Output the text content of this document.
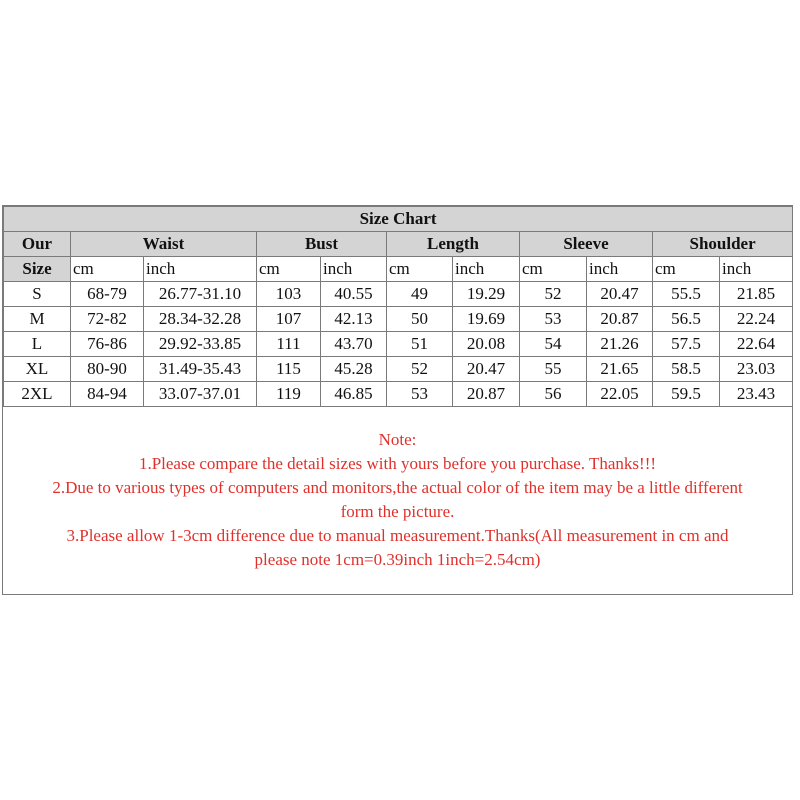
Size Chart										
Our	Waist		Bust		Length		Sleeve		Shoulder	
Size	cm	inch	cm	inch	cm	inch	cm	inch	cm	inch
S	68-79	26.77-31.10	103	40.55	49	19.29	52	20.47	55.5	21.85
M	72-82	28.34-32.28	107	42.13	50	19.69	53	20.87	56.5	22.24
L	76-86	29.92-33.85	111	43.70	51	20.08	54	21.26	57.5	22.64
XL	80-90	31.49-35.43	115	45.28	52	20.47	55	21.65	58.5	23.03
2XL	84-94	33.07-37.01	119	46.85	53	20.87	56	22.05	59.5	23.43

Note:

1.Please compare the detail sizes with yours before you purchase. Thanks!!!

2.Due to various types of computers and monitors,the actual color of the item may be a little different

form the picture.

3.Please allow 1-3cm difference due to manual measurement.Thanks(All measurement in cm and

please note 1cm=0.39inch 1inch=2.54cm)
